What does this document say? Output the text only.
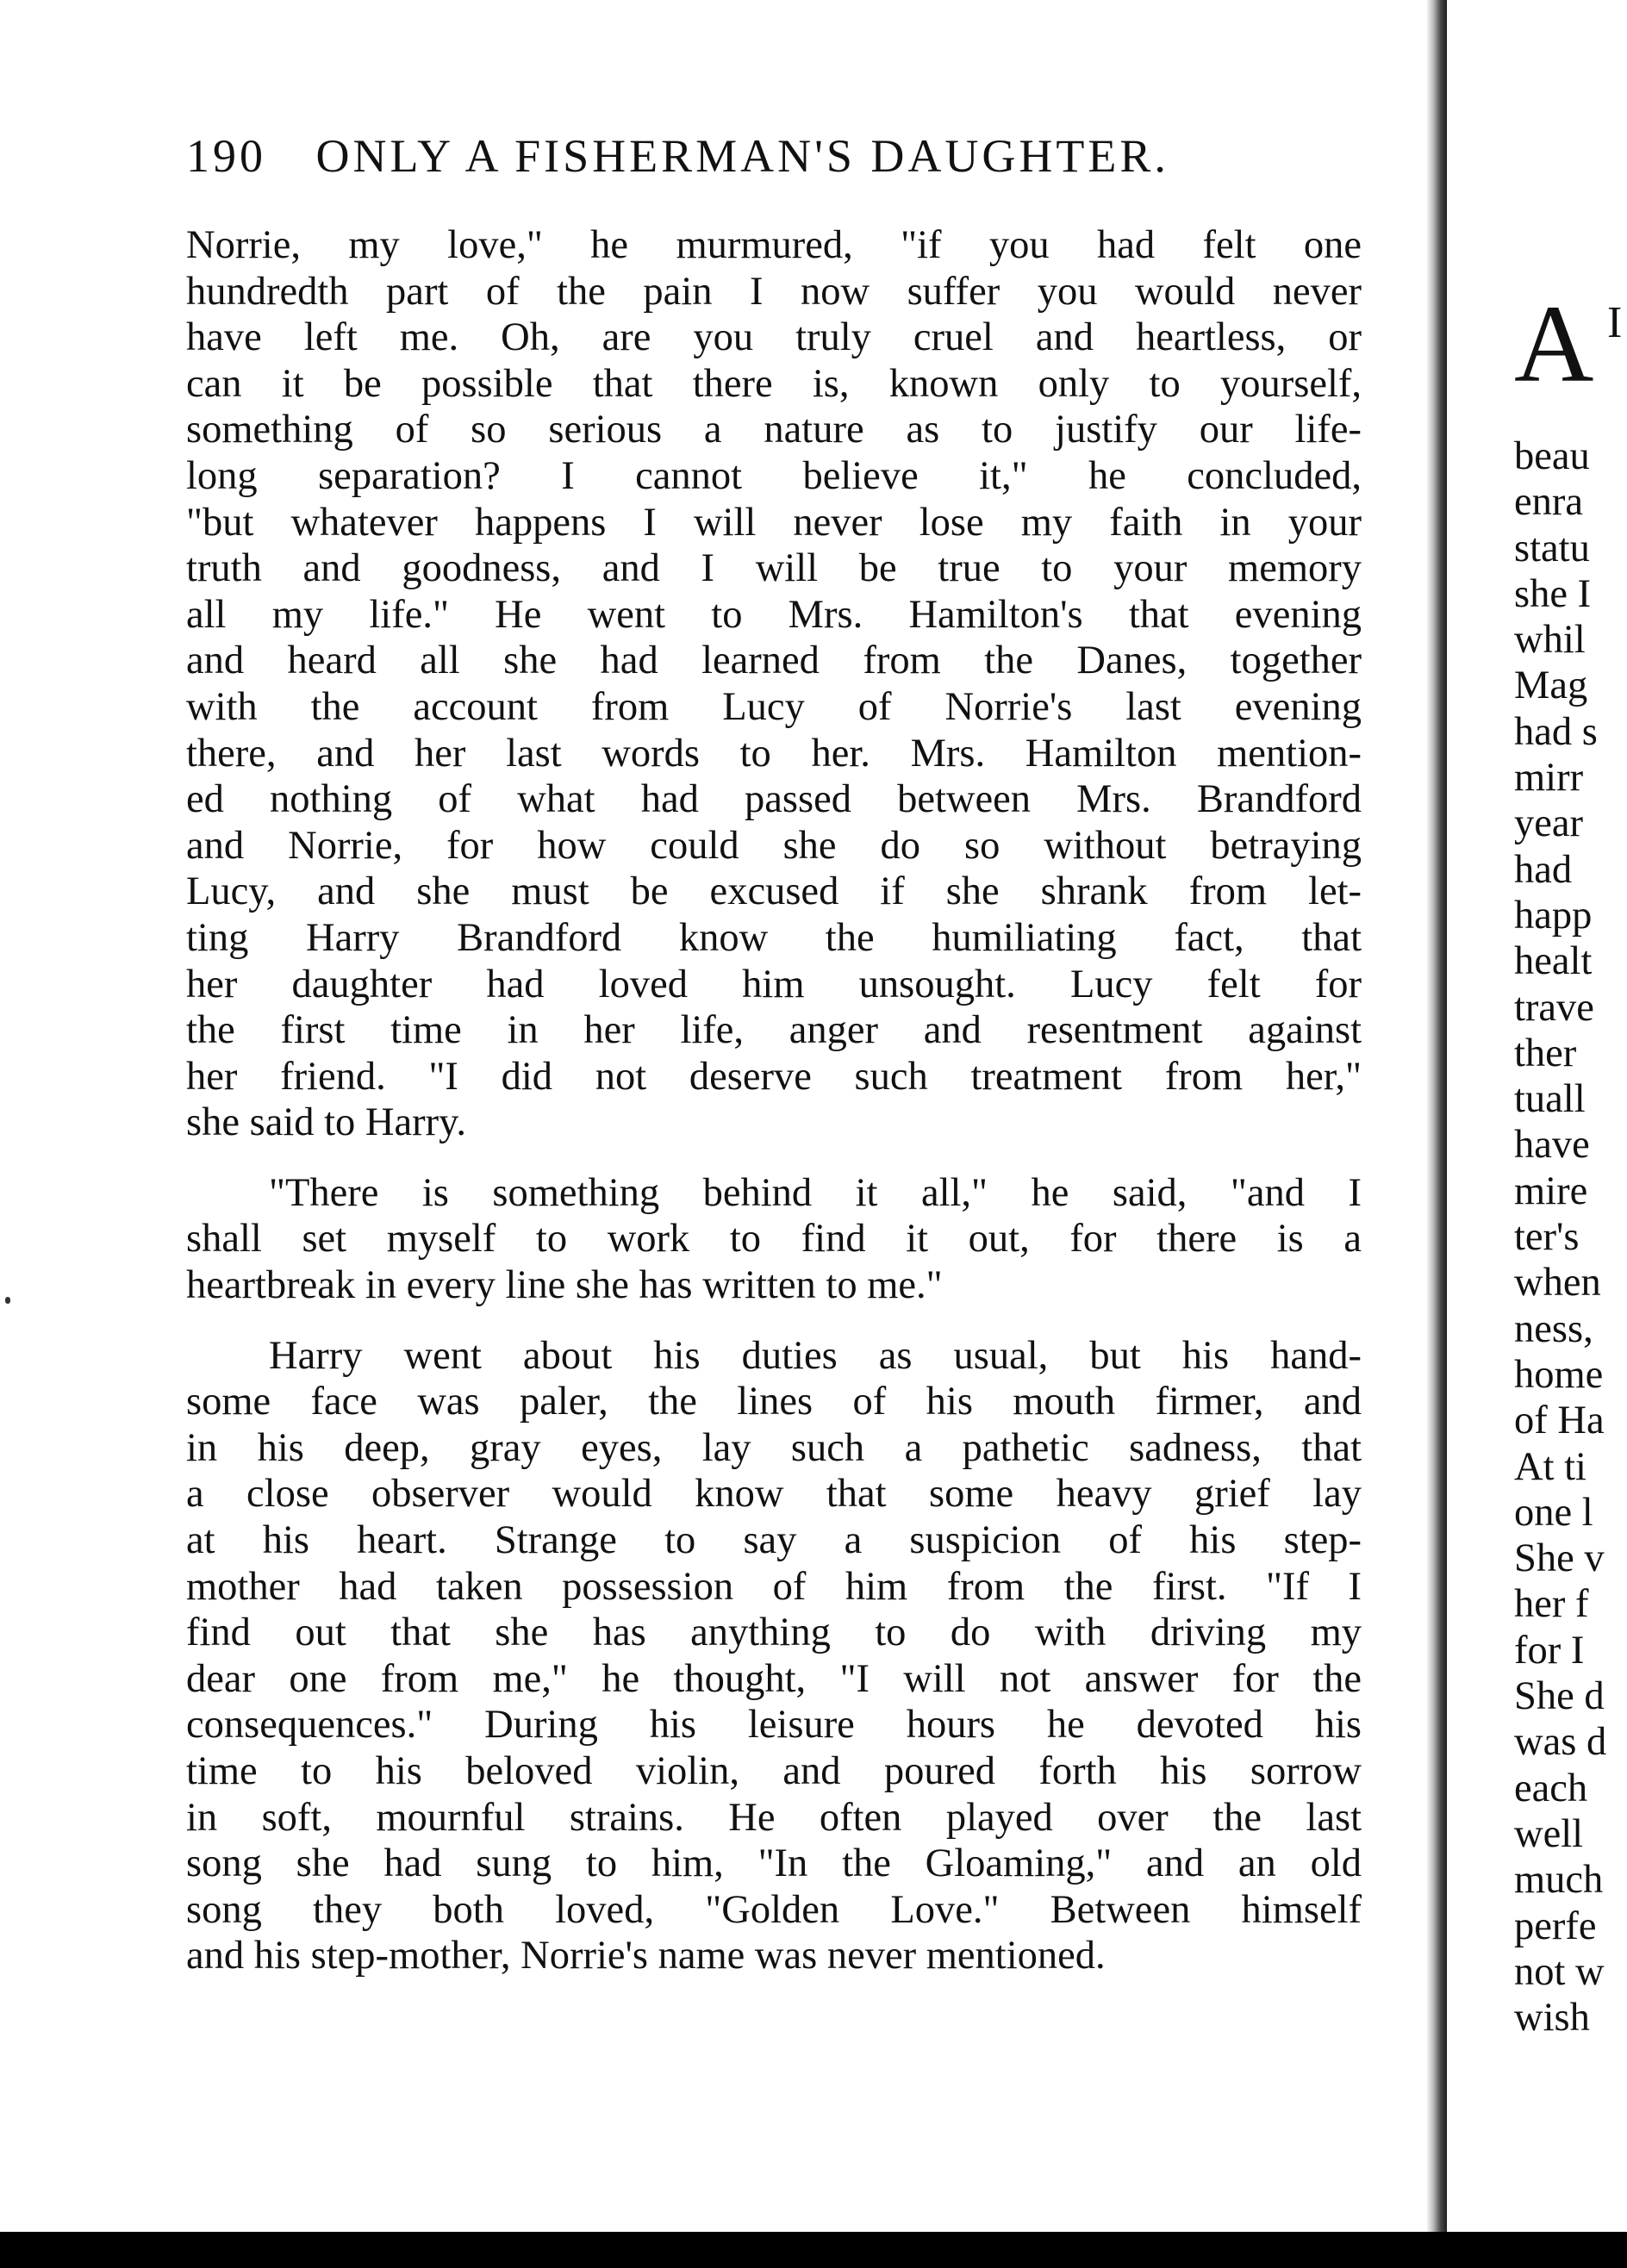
190 ONLY A FISHERMAN'S DAUGHTER.
Norrie, my love," he murmured, "if you had felt one
hundredth part of the pain I now suffer you would never
have left me. Oh, are you truly cruel and heartless, or
can it be possible that there is, known only to yourself,
something of so serious a nature as to justify our life-
long separation? I cannot believe it," he concluded,
"but whatever happens I will never lose my faith in your
truth and goodness, and I will be true to your memory
all my life." He went to Mrs. Hamilton's that evening
and heard all she had learned from the Danes, together
with the account from Lucy of Norrie's last evening
there, and her last words to her. Mrs. Hamilton mention-
ed nothing of what had passed between Mrs. Brandford
and Norrie, for how could she do so without betraying
Lucy, and she must be excused if she shrank from let-
ting Harry Brandford know the humiliating fact, that
her daughter had loved him unsought. Lucy felt for
the first time in her life, anger and resentment against
her friend. "I did not deserve such treatment from her,"
she said to Harry.
"There is something behind it all," he said, "and I
shall set myself to work to find it out, for there is a
heartbreak in every line she has written to me."
Harry went about his duties as usual, but his hand-
some face was paler, the lines of his mouth firmer, and
in his deep, gray eyes, lay such a pathetic sadness, that
a close observer would know that some heavy grief lay
at his heart. Strange to say a suspicion of his step-
mother had taken possession of him from the first. "If I
find out that she has anything to do with driving my
dear one from me," he thought, "I will not answer for the
consequences." During his leisure hours he devoted his
time to his beloved violin, and poured forth his sorrow
in soft, mournful strains. He often played over the last
song she had sung to him, "In the Gloaming," and an old
song they both loved, "Golden Love." Between himself
and his step-mother, Norrie's name was never mentioned.
A I
beau
enra
statu
she I
whil
Mag
had s
mirr
year
had
happ
healt
trave
ther
tuall
have
mire
ter's
when
ness,
home
of Ha
At ti
one l
She v
her f
for I
She d
was d
each
well
much
perfe
not w
wish
